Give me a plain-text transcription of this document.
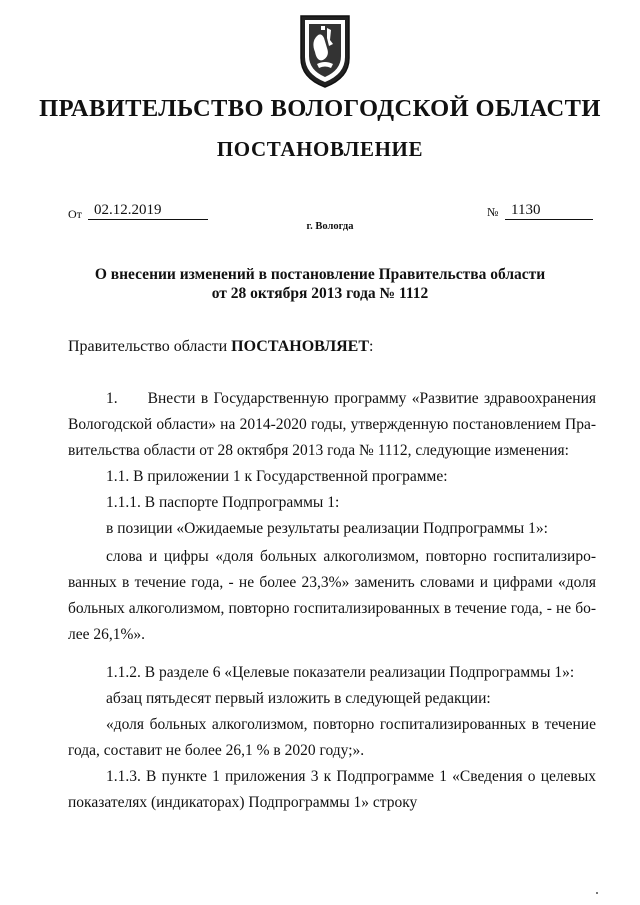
ПРАВИТЕЛЬСТВО ВОЛОГОДСКОЙ ОБЛАСТИ
ПОСТАНОВЛЕНИЕ
От 02.12.2019	№ 1130
г. Вологда
О внесении изменений в постановление Правительства области
от 28 октября 2013 года № 1112
Правительство области ПОСТАНОВЛЯЕТ:
1. Внести в Государственную программу «Развитие здравоохранения
Вологодской области» на 2014-2020 годы, утвержденную постановлением Пра-
вительства области от 28 октября 2013 года № 1112, следующие изменения:
1.1. В приложении 1 к Государственной программе:
1.1.1. В паспорте Подпрограммы 1:
в позиции «Ожидаемые результаты реализации Подпрограммы 1»:
слова и цифры «доля больных алкоголизмом, повторно госпитализиро-
ванных в течение года, - не более 23,3%» заменить словами и цифрами «доля
больных алкоголизмом, повторно госпитализированных в течение года, - не бо-
лее 26,1%».
1.1.2. В разделе 6 «Целевые показатели реализации Подпрограммы 1»:
абзац пятьдесят первый изложить в следующей редакции:
«доля больных алкоголизмом, повторно госпитализированных в течение
года, составит не более 26,1 % в 2020 году;».
1.1.3. В пункте 1 приложения 3 к Подпрограмме 1 «Сведения о целевых
показателях (индикаторах) Подпрограммы 1» строку
